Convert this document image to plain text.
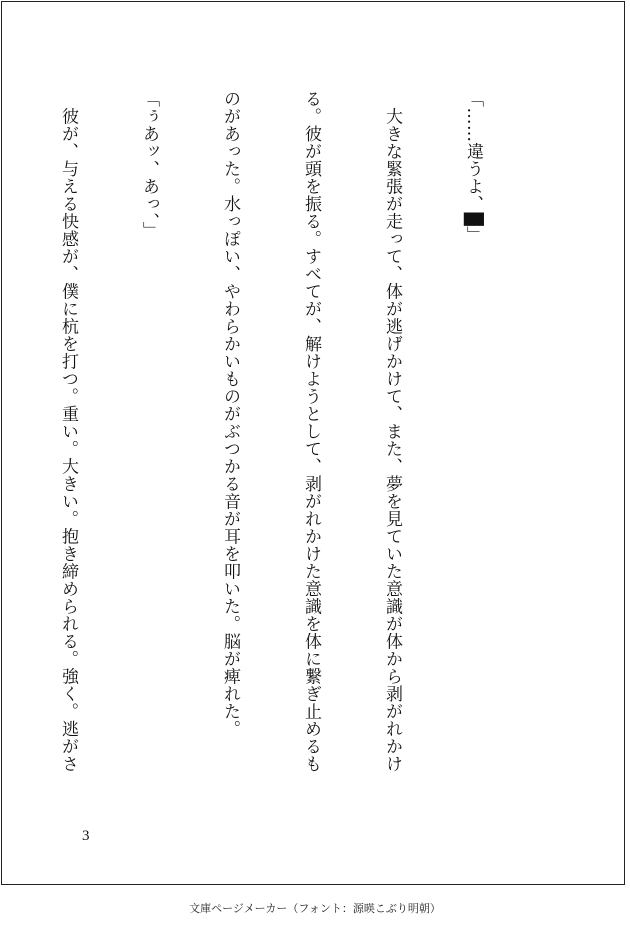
「……違うよ、█」

　大きな緊張が走って、体が逃げかけて、また、夢を見ていた意識が体から剥がれかけ

る。彼が頭を振る。すべてが、解けようとして、剥がれかけた意識を体に繋ぎ止めるも

のがあった。水っぽい、やわらかいものがぶつかる音が耳を叩いた。脳が痺れた。

「ぅあッ、あっ、」

　彼が、与える快感が、僕に杭を打つ。重い。大きい。抱き締められる。強く。逃がさ

3
文庫ページメーカー（フォント：源暎こぶり明朝）
